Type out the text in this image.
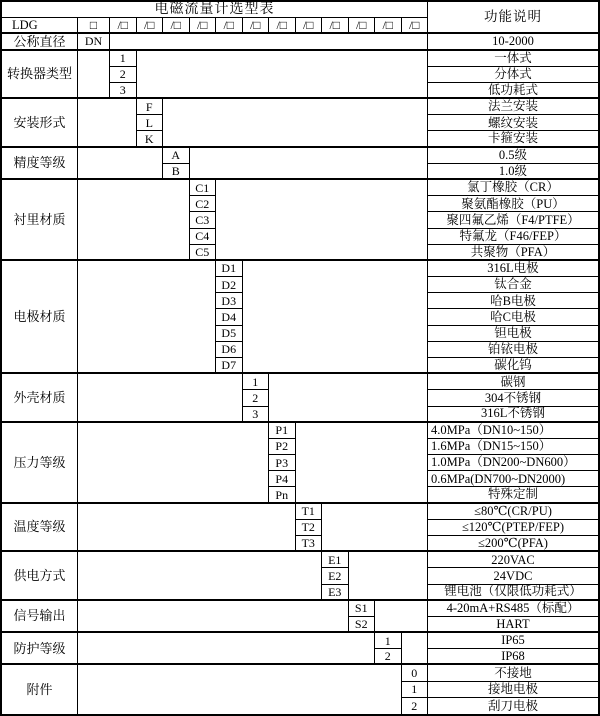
电磁流量计选型表
功能说明
LDG	□	/□	/□	/□	/□	/□	/□	/□	/□	/□	/□	/□	/□
公称直径	DN	10-2000
转换器类型
1	一体式
2	分体式
3	低功耗式
安装形式
F	法兰安装
L	螺纹安装
K	卡箍安装
精度等级
A	0.5级
B	1.0级
衬里材质
C1	氯丁橡胶（CR）
C2	聚氨酯橡胶（PU）
C3	聚四氟乙烯（F4/PTFE）
C4	特氟龙（F46/FEP）
C5	共聚物（PFA）
电极材质
D1	316L电极
D2	钛合金
D3	哈B电极
D4	哈C电极
D5	钽电极
D6	铂铱电极
D7	碳化钨
外壳材质
1	碳钢
2	304不锈钢
3	316L不锈钢
压力等级
P1	4.0MPa（DN10~150）
P2	1.6MPa（DN15~150）
P3	1.0MPa（DN200~DN600）
P4	0.6MPa(DN700~DN2000)
Pn	特殊定制
温度等级
T1	≤80℃(CR/PU)
T2	≤120℃(PTEP/FEP)
T3	≤200℃(PFA)
供电方式
E1	220VAC
E2	24VDC
E3	锂电池（仅限低功耗式）
信号输出
S1	4-20mA+RS485（标配）
S2	HART
防护等级
1	IP65
2	IP68
附件
0	不接地
1	接地电极
2	刮刀电极
